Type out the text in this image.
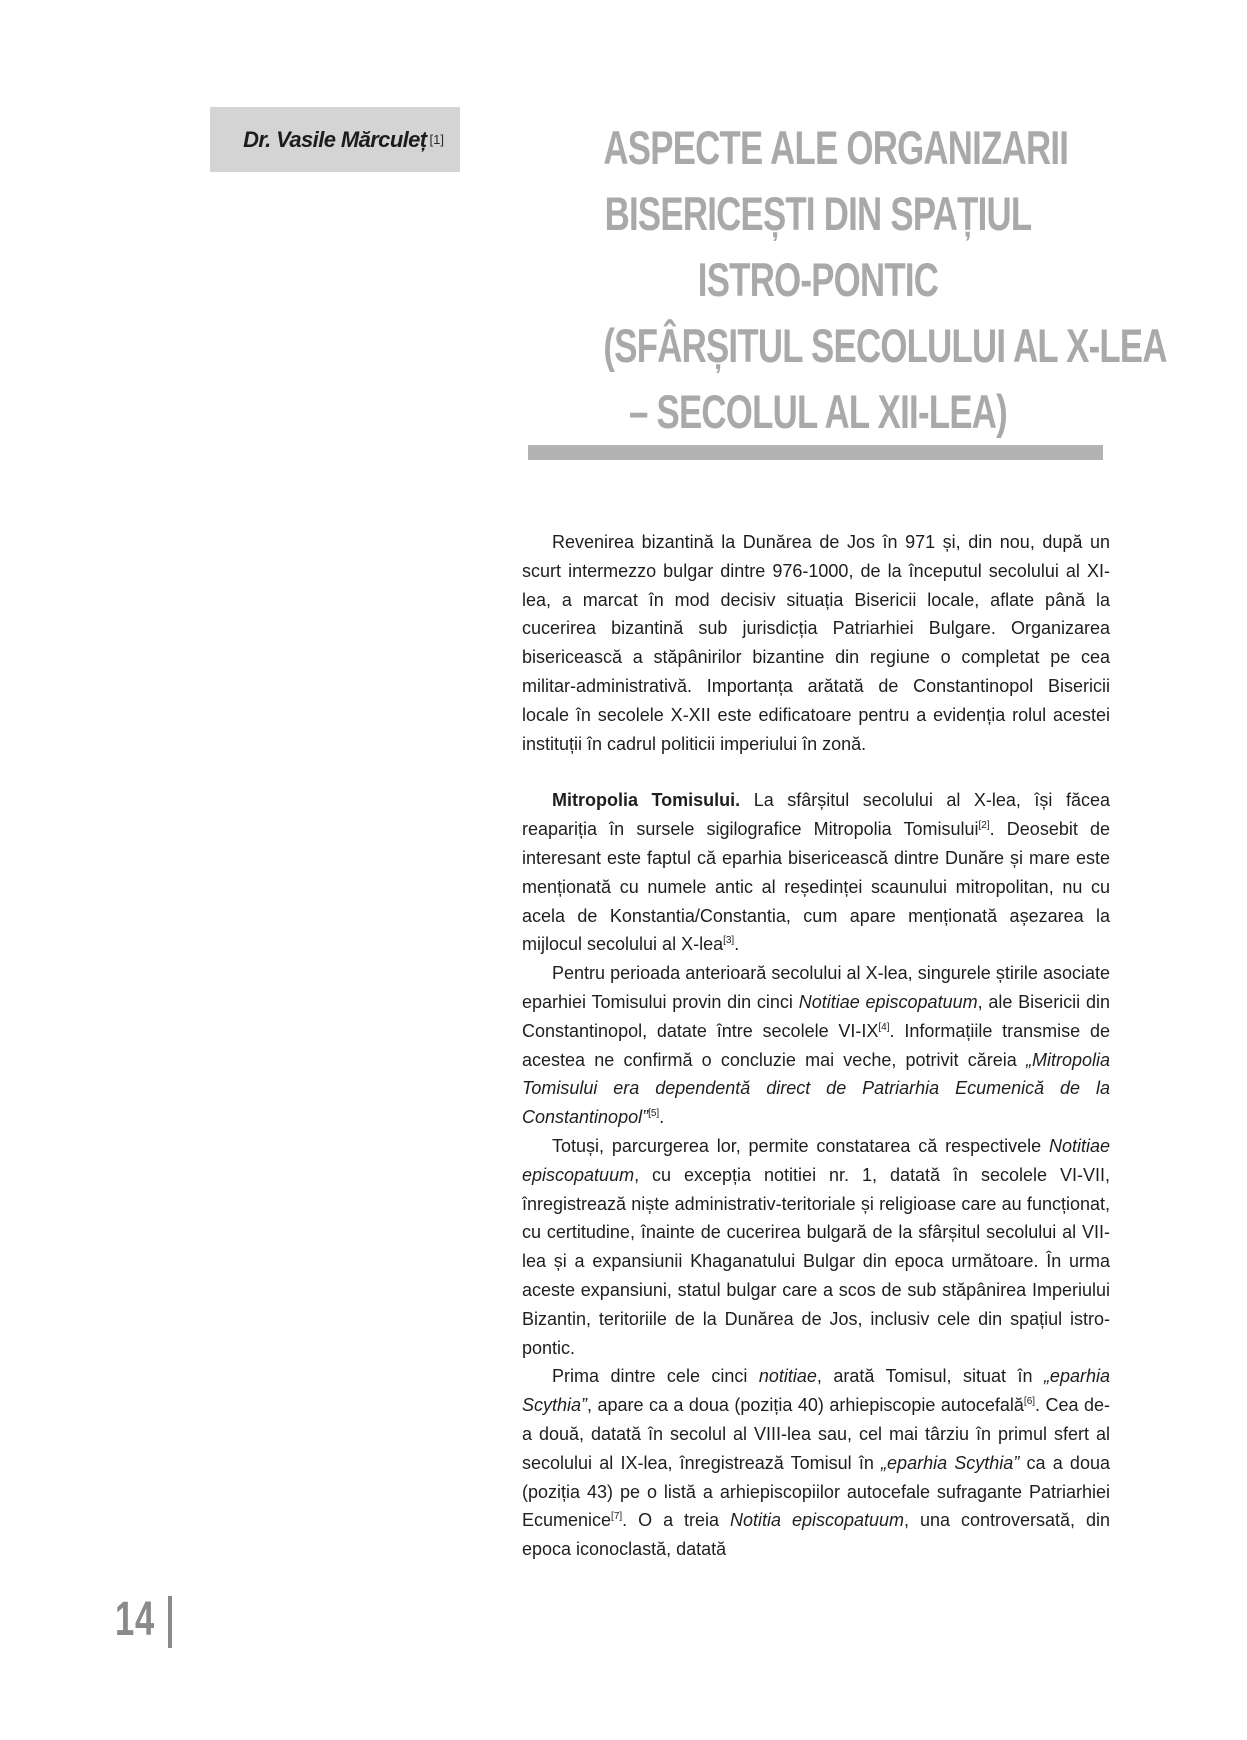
Dr. Vasile Mărculeț [1]	ASPECTE ALE ORGANIZARII
BISERICEȘTI DIN SPAȚIUL
ISTRO-PONTIC
(SFÂRȘITUL SECOLULUI AL X-LEA
– SECOLUL AL XII-LEA)

Revenirea bizantină la Dunărea de Jos în 971 și, din nou, după un scurt intermezzo bulgar dintre 976-1000, de la începutul secolului al XI-lea, a marcat în mod decisiv situația Bisericii locale, aflate până la cucerirea bizantină sub jurisdicția Patriarhiei Bulgare. Organizarea bisericească a stăpânirilor bizantine din regiune o completat pe cea militar-administrativă. Importanța arătată de Constantinopol Bisericii locale în secolele X-XII este edificatoare pentru a evidenția rolul acestei instituții în cadrul politicii imperiului în zonă.

Mitropolia Tomisului. La sfârșitul secolului al X-lea, își făcea reapariția în sursele sigilografice Mitropolia Tomisului[2]. Deosebit de interesant este faptul că eparhia bisericească dintre Dunăre și mare este menționată cu numele antic al reședinței scaunului mitropolitan, nu cu acela de Konstantia/Constantia, cum apare menționată așezarea la mijlocul secolului al X-lea[3].

Pentru perioada anterioară secolului al X-lea, singurele știrile asociate eparhiei Tomisului provin din cinci Notitiae episcopatuum, ale Bisericii din Constantinopol, datate între secolele VI-IX[4]. Informațiile transmise de acestea ne confirmă o concluzie mai veche, potrivit căreia „Mitropolia Tomisului era dependentă direct de Patriarhia Ecumenică de la Constantinopol”[5].

Totuși, parcurgerea lor, permite constatarea că respectivele Notitiae episcopatuum, cu excepția notitiei nr. 1, datată în secolele VI-VII, înregistrează niște administrativ-teritoriale și religioase care au funcționat, cu certitudine, înainte de cucerirea bulgară de la sfârșitul secolului al VII-lea și a expansiunii Khaganatului Bulgar din epoca următoare. În urma aceste expansiuni, statul bulgar care a scos de sub stăpânirea Imperiului Bizantin, teritoriile de la Dunărea de Jos, inclusiv cele din spațiul istro-pontic.

Prima dintre cele cinci notitiae, arată Tomisul, situat în „eparhia Scythia”, apare ca a doua (poziția 40) arhiepiscopie autocefală[6]. Cea de-a două, datată în secolul al VIII-lea sau, cel mai târziu în primul sfert al secolului al IX-lea, înregistrează Tomisul în „eparhia Scythia” ca a doua (poziția 43) pe o listă a arhiepiscopiilor autocefale sufragante Patriarhiei Ecumenice[7]. O a treia Notitia episcopatuum, una controversată, din epoca iconoclastă, datată

14
